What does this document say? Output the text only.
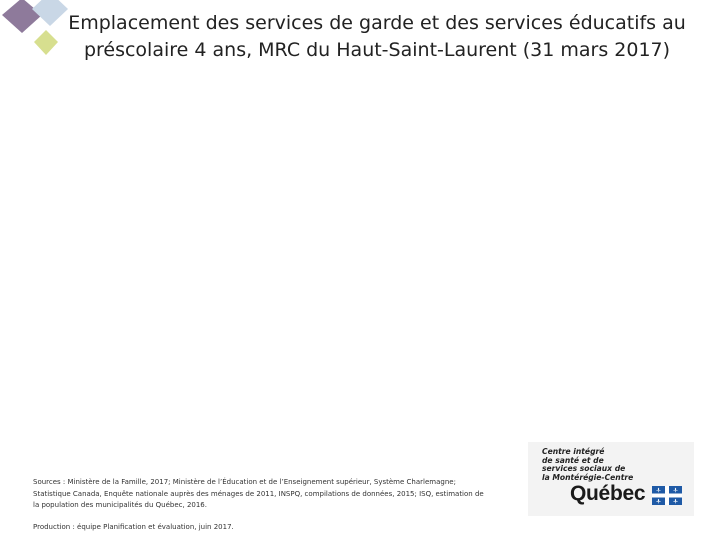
Emplacement des services de garde et des services éducatifs au
préscolaire 4 ans, MRC du Haut-Saint-Laurent (31 mars 2017)

Sources : Ministère de la Famille, 2017; Ministère de l’Éducation et de l’Enseignement supérieur, Système Charlemagne;

Statistique Canada, Enquête nationale auprès des ménages de 2011, INSPQ, compilations de données, 2015; ISQ, estimation de

la population des municipalités du Québec, 2016.

Production : équipe Planification et évaluation, juin 2017.
Centre intégré
de santé et de
services sociaux de
la Montérégie-Centre
Québec
